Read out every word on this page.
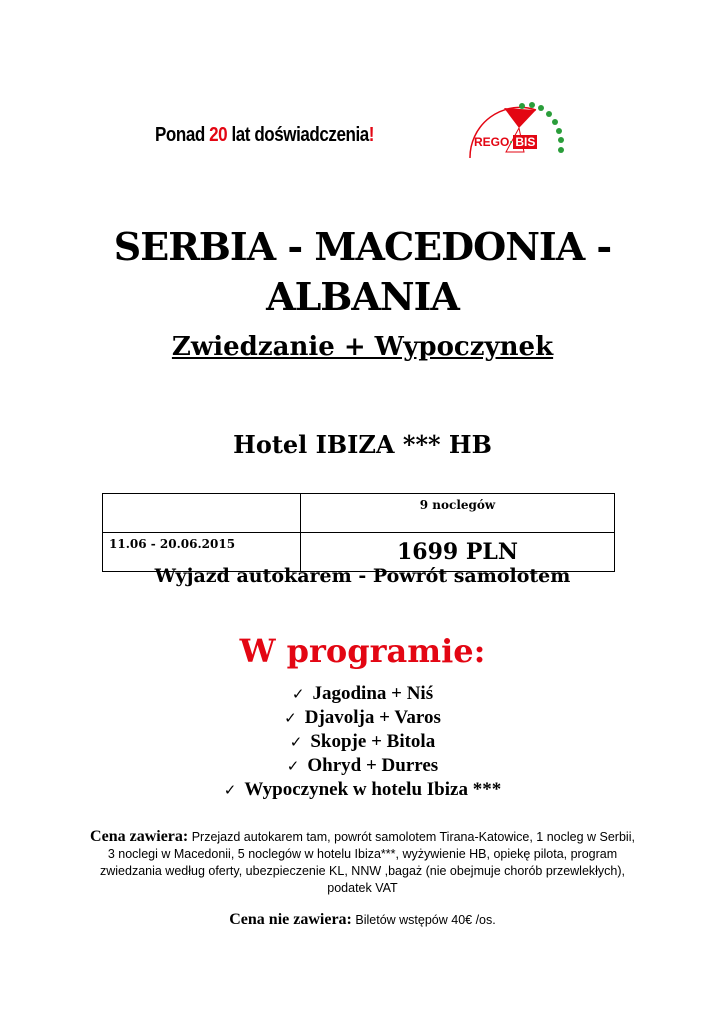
Ponad 20 lat doświadczenia!	REGO· BIS
SERBIA - MACEDONIA -
ALBANIA
Zwiedzanie + Wypoczynek
Hotel IBIZA *** HB
	9 noclegów
11.06 - 20.06.2015	1699 PLN
Wyjazd autokarem - Powrót samolotem
W programie:
✓ Jagodina + Niś
✓ Djavolja + Varos
✓ Skopje + Bitola
✓ Ohryd + Durres
✓ Wypoczynek w hotelu Ibiza ***
Cena zawiera: Przejazd autokarem tam, powrót samolotem Tirana-Katowice, 1 nocleg w Serbii, 3 noclegi w Macedonii, 5 noclegów w hotelu Ibiza***, wyżywienie HB, opiekę pilota, program zwiedzania według oferty, ubezpieczenie KL, NNW ,bagaż (nie obejmuje chorób przewlekłych), podatek VAT
Cena nie zawiera: Biletów wstępów 40€ /os.
